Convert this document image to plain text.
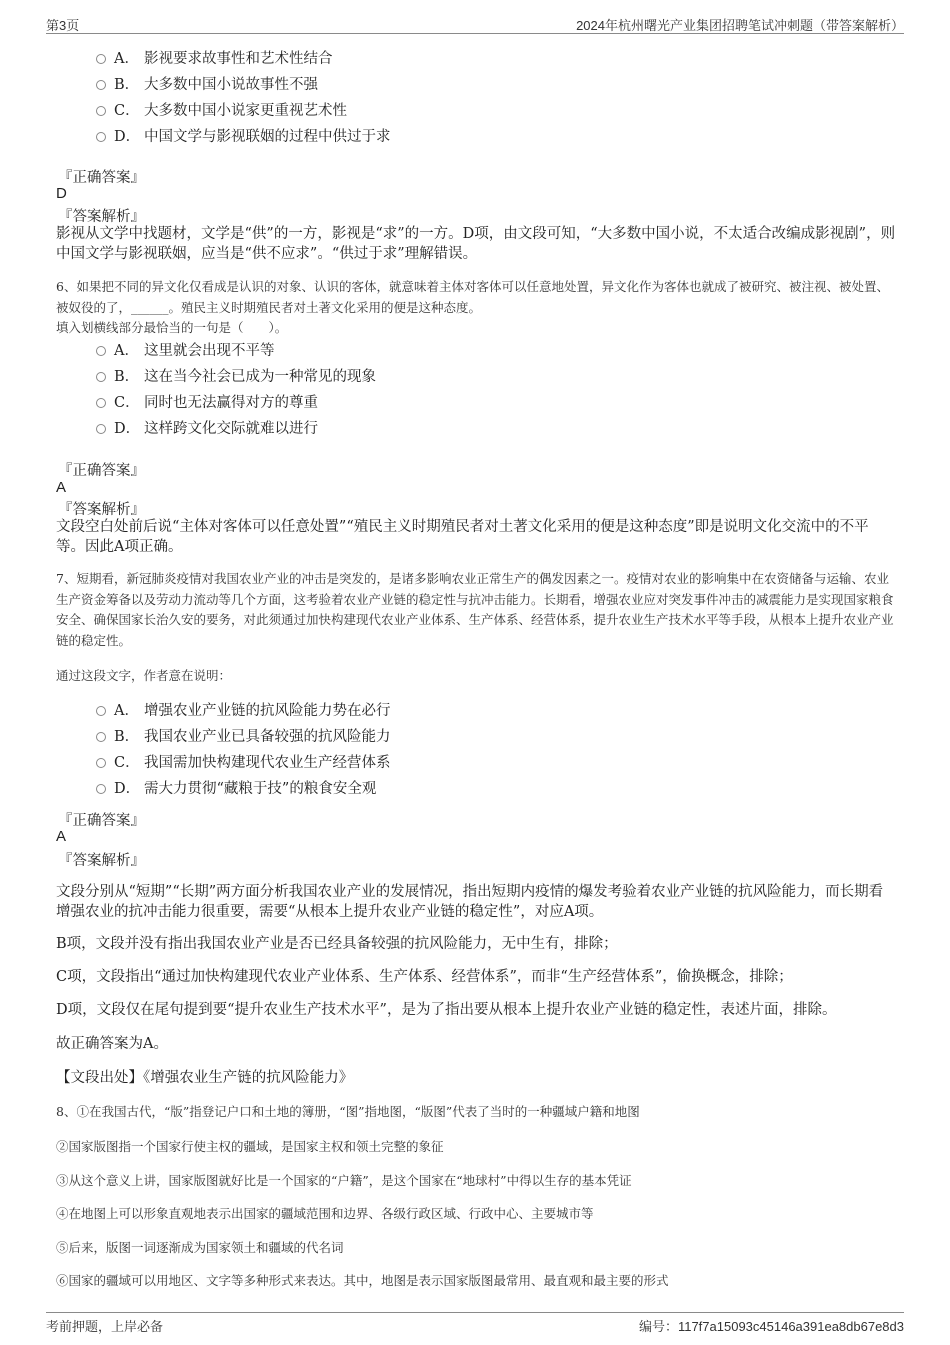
第3页	2024年杭州曙光产业集团招聘笔试冲刺题（带答案解析）
A． 影视要求故事性和艺术性结合
B． 大多数中国小说故事性不强
C． 大多数中国小说家更重视艺术性
D． 中国文学与影视联姻的过程中供过于求
『正确答案』
D
『答案解析』
影视从文学中找题材，文学是“供”的一方，影视是“求”的一方。D项，由文段可知，“大多数中国小说，不太适合改编成影视剧”，则中国文学与影视联姻，应当是“供不应求”。“供过于求”理解错误。
6、如果把不同的异文化仅看成是认识的对象、认识的客体，就意味着主体对客体可以任意地处置，异文化作为客体也就成了被研究、被注视、被处置、被奴役的了，______。殖民主义时期殖民者对土著文化采用的便是这种态度。
填入划横线部分最恰当的一句是（　　）。
A． 这里就会出现不平等
B． 这在当今社会已成为一种常见的现象
C． 同时也无法赢得对方的尊重
D． 这样跨文化交际就难以进行
『正确答案』
A
『答案解析』
文段空白处前后说“主体对客体可以任意处置”“殖民主义时期殖民者对土著文化采用的便是这种态度”即是说明文化交流中的不平等。因此A项正确。
7、短期看，新冠肺炎疫情对我国农业产业的冲击是突发的，是诸多影响农业正常生产的偶发因素之一。疫情对农业的影响集中在农资储备与运输、农业生产资金筹备以及劳动力流动等几个方面，这考验着农业产业链的稳定性与抗冲击能力。长期看，增强农业应对突发事件冲击的减震能力是实现国家粮食安全、确保国家长治久安的要务，对此须通过加快构建现代农业产业体系、生产体系、经营体系，提升农业生产技术水平等手段，从根本上提升农业产业链的稳定性。
通过这段文字，作者意在说明：
A． 增强农业产业链的抗风险能力势在必行
B． 我国农业产业已具备较强的抗风险能力
C． 我国需加快构建现代农业生产经营体系
D． 需大力贯彻“藏粮于技”的粮食安全观
『正确答案』
A
『答案解析』
文段分别从“短期”“长期”两方面分析我国农业产业的发展情况，指出短期内疫情的爆发考验着农业产业链的抗风险能力，而长期看增强农业的抗冲击能力很重要，需要“从根本上提升农业产业链的稳定性”，对应A项。
B项，文段并没有指出我国农业产业是否已经具备较强的抗风险能力，无中生有，排除；
C项，文段指出“通过加快构建现代农业产业体系、生产体系、经营体系”，而非“生产经营体系”，偷换概念，排除；
D项，文段仅在尾句提到要“提升农业生产技术水平”，是为了指出要从根本上提升农业产业链的稳定性，表述片面，排除。
故正确答案为A。
【文段出处】《增强农业生产链的抗风险能力》
8、①在我国古代，“版”指登记户口和土地的簿册，“图”指地图，“版图”代表了当时的一种疆域户籍和地图
②国家版图指一个国家行使主权的疆域，是国家主权和领土完整的象征
③从这个意义上讲，国家版图就好比是一个国家的“户籍”，是这个国家在“地球村”中得以生存的基本凭证
④在地图上可以形象直观地表示出国家的疆域范围和边界、各级行政区域、行政中心、主要城市等
⑤后来，版图一词逐渐成为国家领土和疆域的代名词
⑥国家的疆域可以用地区、文字等多种形式来表达。其中，地图是表示国家版图最常用、最直观和最主要的形式
考前押题，上岸必备	编号：117f7a15093c45146a391ea8db67e8d3
